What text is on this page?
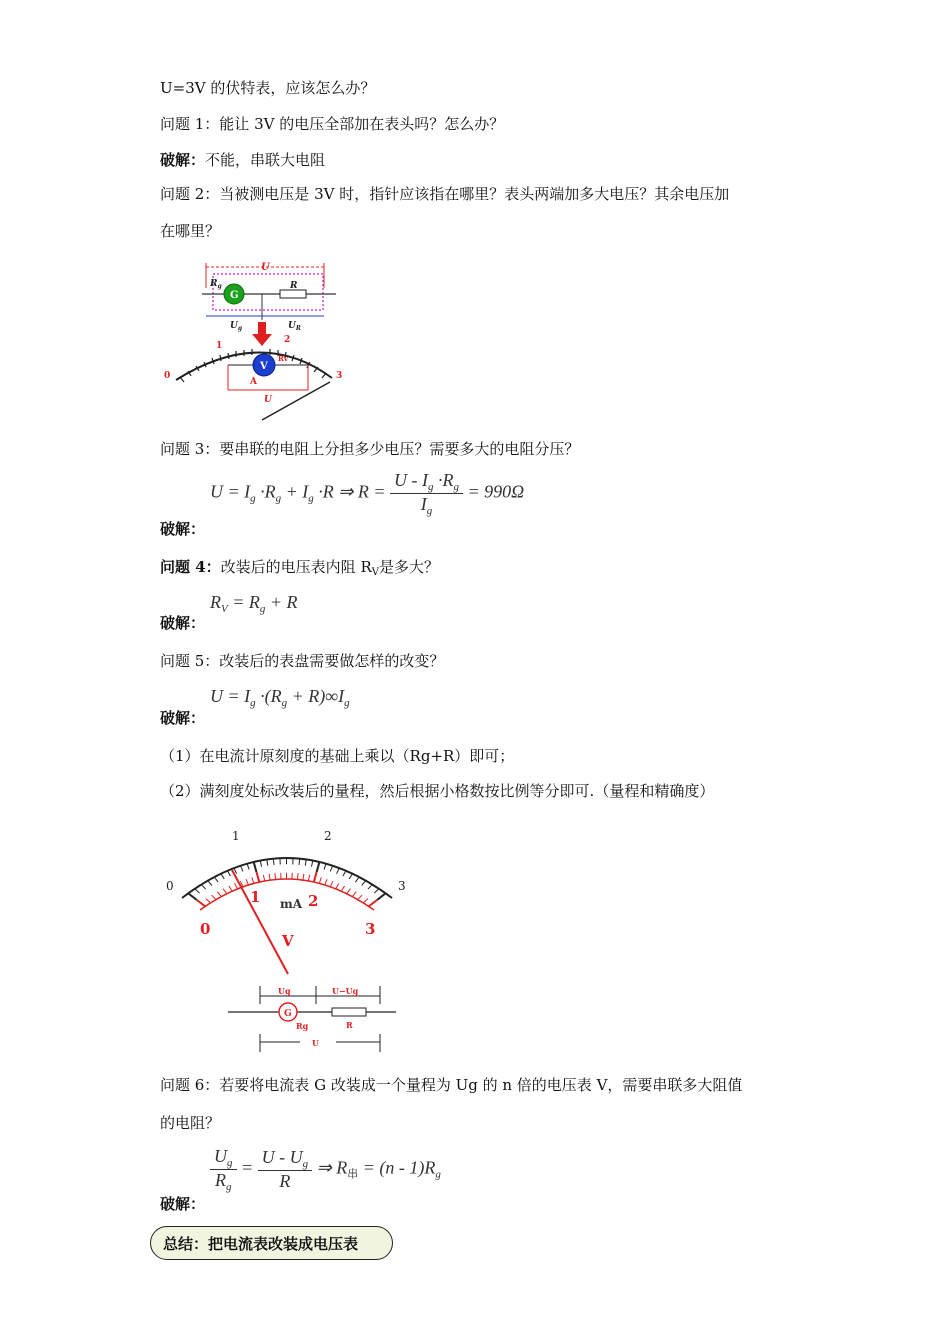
U=3V 的伏特表，应该怎么办？
问题 1：能让 3V 的电压全部加在表头吗？怎么办？
破解：不能，串联大电阻
问题 2：当被测电压是 3V 时，指针应该指在哪里？表头两端加多大电压？其余电压加
在哪里？
U
G
$R_g$	R
$U_g$	$U_R$
0
1
2
3
V
Rv
A
U
问题 3：要串联的电阻上分担多少电压？需要多大的电阻分压？
$U = I_g \cdot R_g + I_g \cdot R$ ⇒ $R = \frac{U - I_g \cdot R_g}{I_g} = 990\Omega$
破解：
问题 4：改装后的电压表内阻 $R_V$是多大？
$R_V = R_g + R$
破解：
问题 5：改装后的表盘需要做怎样的改变？
$U = I_g \cdot(R_g + R)\infty I_g$
破解：
（1）在电流计原刻度的基础上乘以（Rg+R）即可；
（2）满刻度处标改装后的量程，然后根据小格数按比例等分即可.（量程和精确度）
0
1	2
3
0
1	2
3
mA
V
Ug	U−Ug
G
Rg	R
U
问题 6：若要将电流表 G 改装成一个量程为 Ug 的 n 倍的电压表 V，需要串联多大阻值
的电阻？
$\frac{U_g}{R_g} = \frac{U - U_g}{R}$ ⇒ $R_串 = (n - 1)R_g$
破解：
总结：把电流表改装成电压表
